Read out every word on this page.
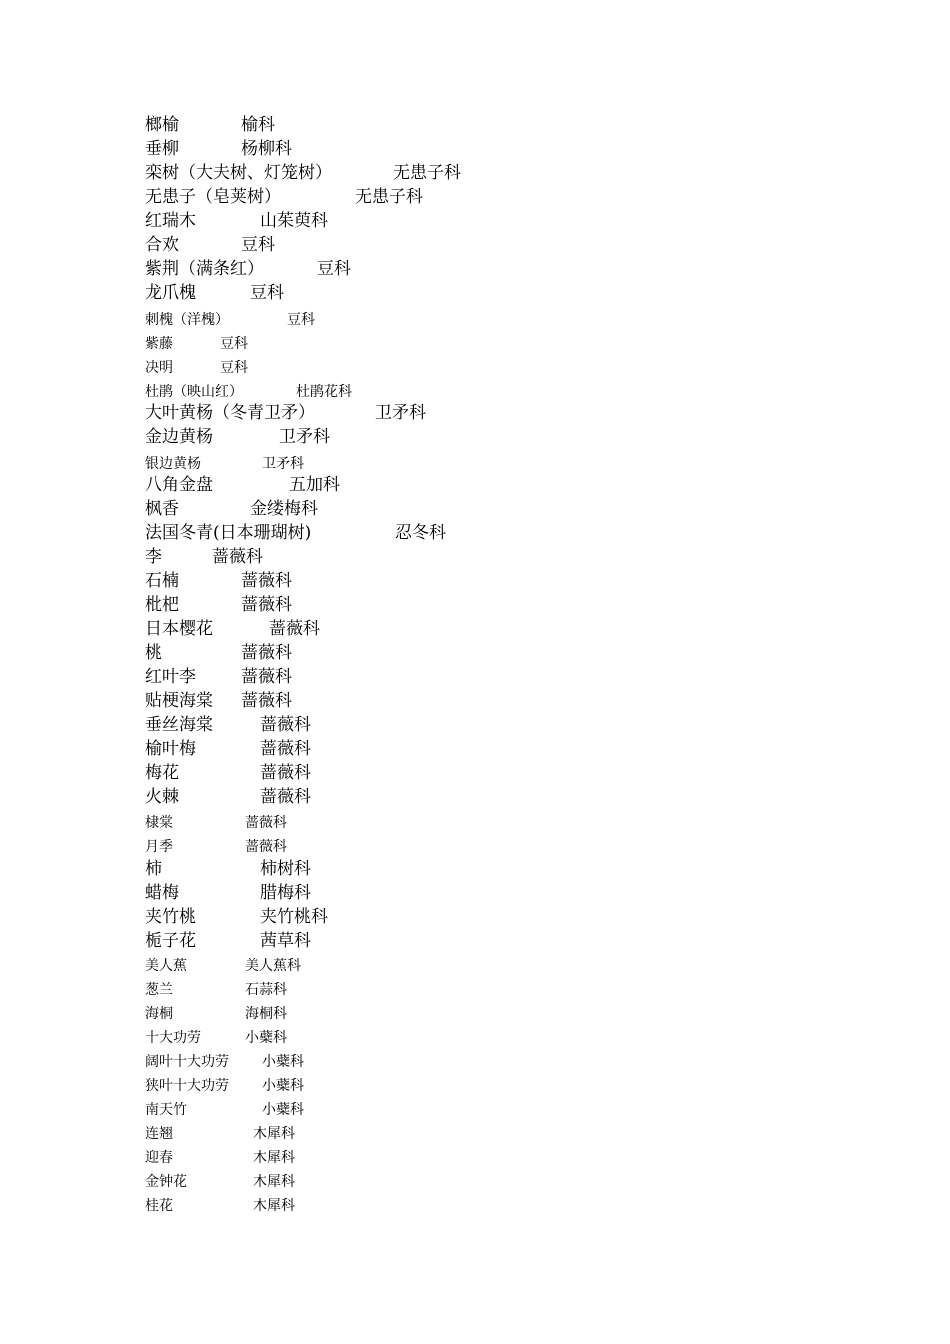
榔榆	榆科
垂柳	杨柳科
栾树（大夫树、灯笼树）	无患子科
无患子（皂荚树）	无患子科
红瑞木	山茱萸科
合欢	豆科
紫荆（满条红）	豆科
龙爪槐	豆科
刺槐（洋槐）	豆科
紫藤	豆科
决明	豆科
杜鹃（映山红）	杜鹃花科
大叶黄杨（冬青卫矛）	卫矛科
金边黄杨	卫矛科
银边黄杨	卫矛科
八角金盘	五加科
枫香	金缕梅科
法国冬青(日本珊瑚树)	忍冬科
李	蔷薇科
石楠	蔷薇科
枇杷	蔷薇科
日本樱花	蔷薇科
桃	蔷薇科
红叶李	蔷薇科
贴梗海棠 蔷薇科
垂丝海棠	蔷薇科
榆叶梅	蔷薇科
梅花	蔷薇科
火棘	蔷薇科
棣棠	蔷薇科
月季	蔷薇科
柿	柿树科
蜡梅	腊梅科
夹竹桃	夹竹桃科
栀子花	茜草科
美人蕉	美人蕉科
葱兰	石蒜科
海桐	海桐科
十大功劳	小蘗科
阔叶十大功劳 小蘗科
狭叶十大功劳 小蘗科
南天竹	小蘗科
连翘	木犀科
迎春	木犀科
金钟花	木犀科
桂花	木犀科
